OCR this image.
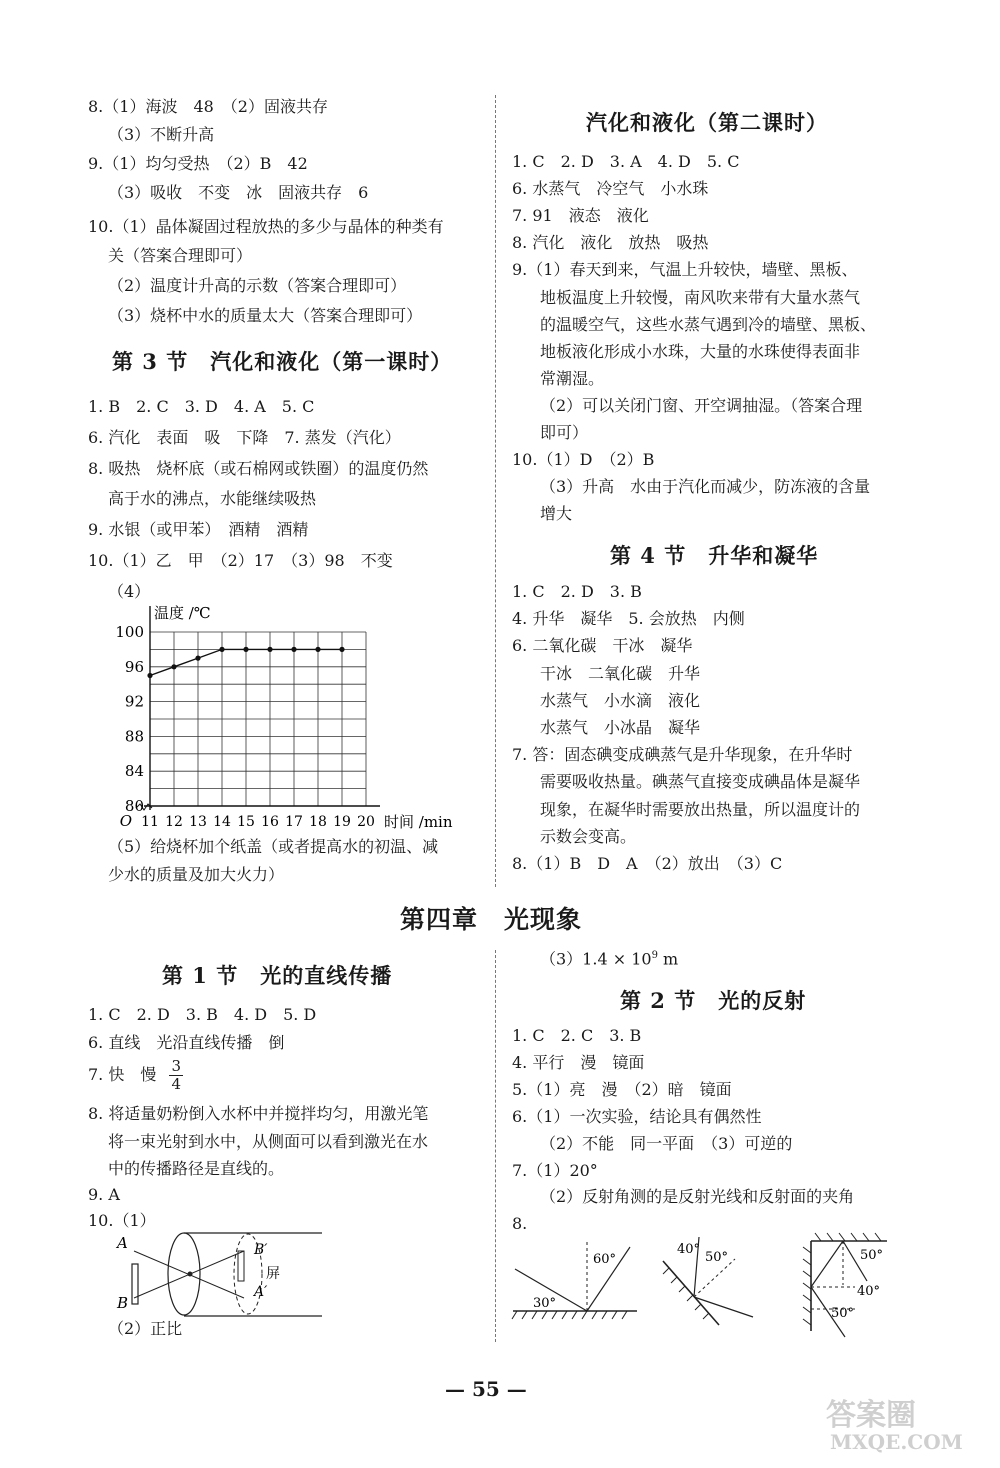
8.（1）海波　48　（2）固液共存
（3）不断升高
9.（1）均匀受热　（2）B　42
（3）吸收　不变　冰　固液共存　6
10.（1）晶体凝固过程放热的多少与晶体的种类有
关（答案合理即可）
（2）温度计升高的示数（答案合理即可）
（3）烧杯中水的质量太大（答案合理即可）
第 3 节　汽化和液化（第一课时）
1. B　2. C　3. D　4. A　5. C
6. 汽化　表面　吸　下降　7. 蒸发（汽化）
8. 吸热　烧杯底（或石棉网或铁圈）的温度仍然
高于水的沸点，水能继续吸热
9. 水银（或甲苯）　酒精　酒精
10.（1）乙　甲　（2）17　（3）98　不变
（4）
80
84
88
92
96
100
11 12 13 14 15 16 17 18 19 20
O
温度 /℃
时间 /min
（5）给烧杯加个纸盖（或者提高水的初温、减
少水的质量及加大火力）
汽化和液化（第二课时）
1. C　2. D　3. A　4. D　5. C
6. 水蒸气　冷空气　小水珠
7. 91　液态　液化
8. 汽化　液化　放热　吸热
9.（1）春天到来，气温上升较快，墙壁、黑板、
地板温度上升较慢，南风吹来带有大量水蒸气
的温暖空气，这些水蒸气遇到冷的墙壁、黑板、
地板液化形成小水珠，大量的水珠使得表面非
常潮湿。
（2）可以关闭门窗、开空调抽湿。（答案合理
即可）
10.（1）D　（2）B
（3）升高　水由于汽化而减少，防冻液的含量
增大
第 4 节　升华和凝华
1. C　2. D　3. B
4. 升华　凝华　5. 会放热　内侧
6. 二氧化碳　干冰　凝华
干冰　二氧化碳　升华
水蒸气　小水滴　液化
水蒸气　小冰晶　凝华
7. 答：固态碘变成碘蒸气是升华现象，在升华时
需要吸收热量。碘蒸气直接变成碘晶体是凝华
现象，在凝华时需要放出热量，所以温度计的
示数会变高。
8.（1）B　D　A　（2）放出　（3）C
第四章　光现象
第 1 节　光的直线传播
1. C　2. D　3. B　4. D　5. D
6. 直线　光沿直线传播　倒
7. 快　慢 $\frac{3}{4}$
8. 将适量奶粉倒入水杯中并搅拌均匀，用激光笔
将一束光射到水中，从侧面可以看到激光在水
中的传播路径是直线的。
9. A
10.（1）
A
B
B′
A′
屏
（2）正比
$(3)1.4 \times 10^9$ m
第 2 节　光的反射
1. C　2. C　3. B
4. 平行　漫　镜面
5.（1）亮　漫　（2）暗　镜面
6.（1）一次实验，结论具有偶然性
（2）不能　同一平面　（3）可逆的
7.（1）20°
（2）反射角测的是反射光线和反射面的夹角
8.
60°
30°
40°
50°	50°
40°
50°
— 55 —
答案圈
MXQE.COM
